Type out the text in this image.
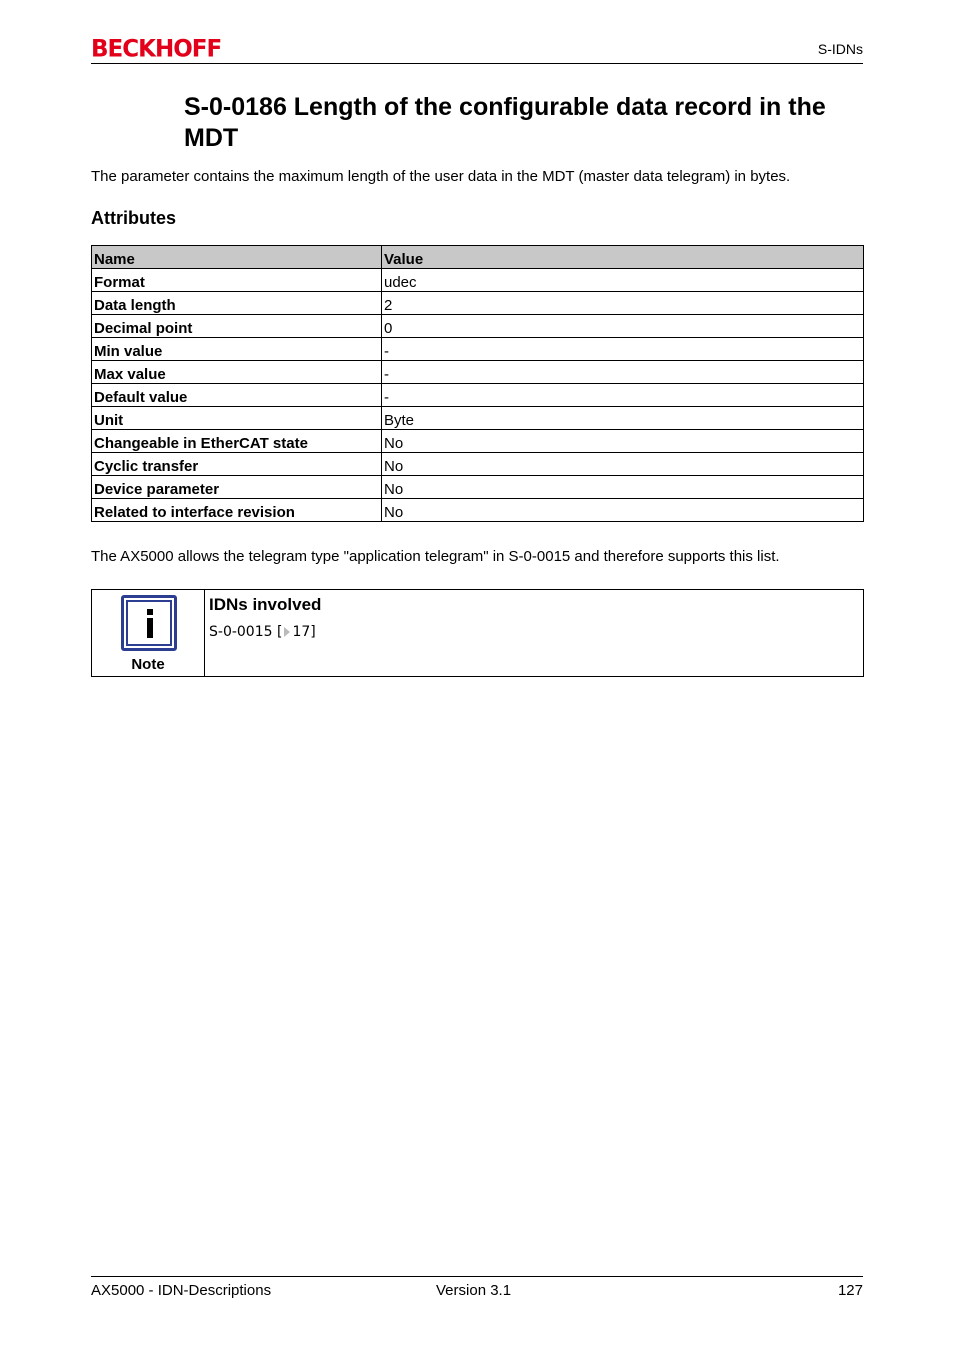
BECKHOFF	S-IDNs
S-0-0186 Length of the configurable data record in the MDT

The parameter contains the maximum length of the user data in the MDT (master data telegram) in bytes.

Attributes
Name	Value
Format	udec
Data length	2
Decimal point	0
Min value	-
Max value	-
Default value	-
Unit	Byte
Changeable in EtherCAT state	No
Cyclic transfer	No
Device parameter	No
Related to interface revision	No

The AX5000 allows the telegram type "application telegram" in S-0-0015 and therefore supports this list.

Note
IDNs involved
S-0-0015 [ 17]
AX5000 - IDN-Descriptions	Version 3.1	127
